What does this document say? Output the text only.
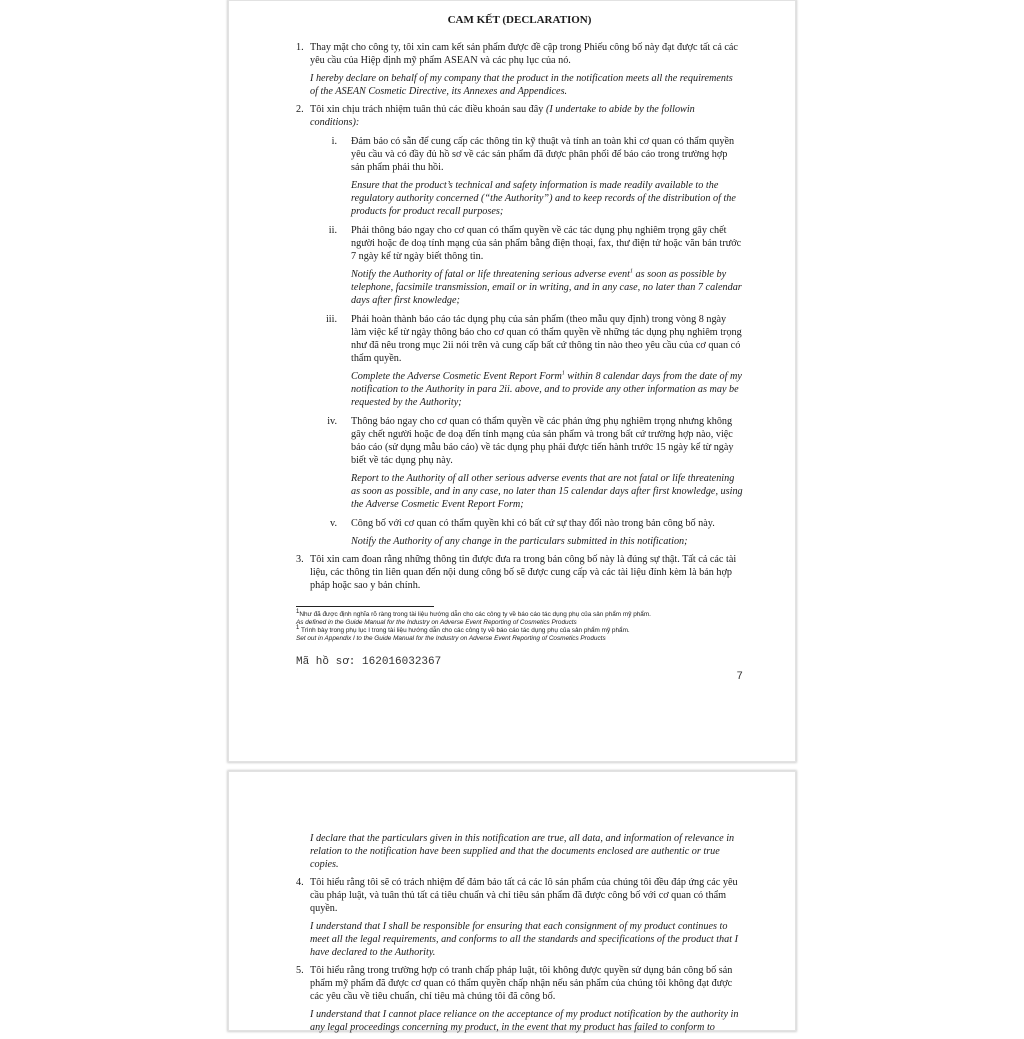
CAM KẾT (DECLARATION)
1. Thay mặt cho công ty, tôi xin cam kết sản phẩm được đề cập trong Phiếu công bố này đạt được tất cả các yêu cầu của Hiệp định mỹ phẩm ASEAN và các phụ lục của nó.

I hereby declare on behalf of my company that the product in the notification meets all the requirements of the ASEAN Cosmetic Directive, its Annexes and Appendices.

2. Tôi xin chịu trách nhiệm tuân thủ các điều khoản sau đây (I undertake to abide by the followin conditions):

i. Đảm bảo có sẵn để cung cấp các thông tin kỹ thuật và tính an toàn khi cơ quan có thẩm quyền yêu cầu và có đầy đủ hồ sơ về các sản phẩm đã được phân phối để báo cáo trong trường hợp sản phẩm phải thu hồi.

Ensure that the product’s technical and safety information is made readily available to the regulatory authority concerned (“the Authority”) and to keep records of the distribution of the products for product recall purposes;

ii. Phải thông báo ngay cho cơ quan có thẩm quyền về các tác dụng phụ nghiêm trọng gây chết người hoặc đe doạ tính mạng của sản phẩm bằng điện thoại, fax, thư điện tử hoặc văn bản trước 7 ngày kể từ ngày biết thông tin.

Notify the Authority of fatal or life threatening serious adverse event$^1$ as soon as possible by telephone, facsimile transmission, email or in writing, and in any case, no later than 7 calendar days after first knowledge;

iii. Phải hoàn thành báo cáo tác dụng phụ của sản phẩm (theo mẫu quy định) trong vòng 8 ngày làm việc kể từ ngày thông báo cho cơ quan có thẩm quyền về những tác dụng phụ nghiêm trọng như đã nêu trong mục 2ii nói trên và cung cấp bất cứ thông tin nào theo yêu cầu của cơ quan có thẩm quyền.

Complete the Adverse Cosmetic Event Report Form$^1$ within 8 calendar days from the date of my notification to the Authority in para 2ii. above, and to provide any other information as may be requested by the Authority;

iv. Thông báo ngay cho cơ quan có thẩm quyền về các phản ứng phụ nghiêm trọng nhưng không gây chết người hoặc đe doạ đến tính mạng của sản phẩm và trong bất cứ trường hợp nào, việc báo cáo (sử dụng mẫu báo cáo) về tác dụng phụ phải được tiến hành trước 15 ngày kể từ ngày biết về tác dụng phụ này.

Report to the Authority of all other serious adverse events that are not fatal or life threatening as soon as possible, and in any case, no later than 15 calendar days after first knowledge, using the Adverse Cosmetic Event Report Form;

v. Công bố với cơ quan có thẩm quyền khi có bất cứ sự thay đổi nào trong bản công bố này.

Notify the Authority of any change in the particulars submitted in this notification;

3. Tôi xin cam đoan rằng những thông tin được đưa ra trong bản công bố này là đúng sự thật. Tất cả các tài liệu, các thông tin liên quan đến nội dung công bố sẽ được cung cấp và các tài liệu đính kèm là bản hợp pháp hoặc sao y bản chính.

$^1$Như đã được định nghĩa rõ ràng trong tài liệu hướng dẫn cho các công ty về báo cáo tác dụng phụ của sản phẩm mỹ phẩm.
As defined in the Guide Manual for the Industry on Adverse Event Reporting of Cosmetics Products
$^1$ Trình bày trong phụ lục I trong tài liệu hướng dẫn cho các công ty về báo cáo tác dụng phụ của sản phẩm mỹ phẩm.
Set out in Appendix I to the Guide Manual for the Industry on Adverse Event Reporting of Cosmetics Products
Mã hồ sơ: 162016032367
7

I declare that the particulars given in this notification are true, all data, and information of relevance in relation to the notification have been supplied and that the documents enclosed are authentic or true copies.

4. Tôi hiểu rằng tôi sẽ có trách nhiệm để đảm bảo tất cả các lô sản phẩm của chúng tôi đều đáp ứng các yêu cầu pháp luật, và tuân thủ tất cả tiêu chuẩn và chỉ tiêu sản phẩm đã được công bố với cơ quan có thẩm quyền.

I understand that I shall be responsible for ensuring that each consignment of my product continues to meet all the legal requirements, and conforms to all the standards and specifications of the product that I have declared to the Authority.

5. Tôi hiểu rằng trong trường hợp có tranh chấp pháp luật, tôi không được quyền sử dụng bản công bố sản phẩm mỹ phẩm đã được cơ quan có thẩm quyền chấp nhận nếu sản phẩm của chúng tôi không đạt được các yêu cầu về tiêu chuẩn, chỉ tiêu mà chúng tôi đã công bố.

I understand that I cannot place reliance on the acceptance of my product notification by the authority in any legal proceedings concerning my product, in the event that my product has failed to conform to
